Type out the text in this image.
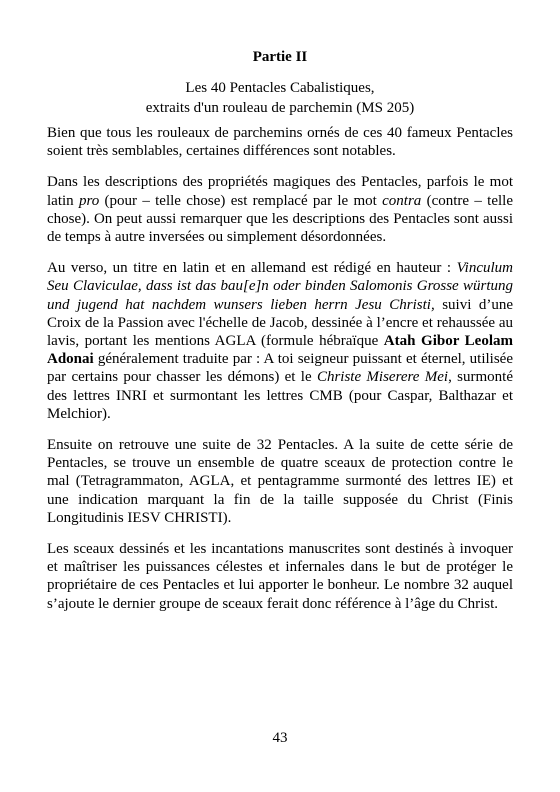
Partie II
Les 40 Pentacles Cabalistiques,
extraits d'un rouleau de parchemin (MS 205)

Bien que tous les rouleaux de parchemins ornés de ces 40 fameux Pentacles soient très semblables, certaines différences sont notables.

Dans les descriptions des propriétés magiques des Pentacles, parfois le mot latin pro (pour – telle chose) est remplacé par le mot contra (contre – telle chose). On peut aussi remarquer que les descriptions des Pentacles sont aussi de temps à autre inversées ou simplement désordonnées.

Au verso, un titre en latin et en allemand est rédigé en hauteur : Vinculum Seu Claviculae, dass ist das bau[e]n oder binden Salomonis Grosse würtung und jugend hat nachdem wunsers lieben herrn Jesu Christi, suivi d’une Croix de la Passion avec l'échelle de Jacob, dessinée à l’encre et rehaussée au lavis, portant les mentions AGLA (formule hébraïque Atah Gibor Leolam Adonai généralement traduite par : A toi seigneur puissant et éternel, utilisée par certains pour chasser les démons) et le Christe Miserere Mei, surmonté des lettres INRI et surmontant les lettres CMB (pour Caspar, Balthazar et Melchior).

Ensuite on retrouve une suite de 32 Pentacles. A la suite de cette série de Pentacles, se trouve un ensemble de quatre sceaux de protection contre le mal (Tetragrammaton, AGLA, et pentagramme surmonté des lettres IE) et une indication marquant la fin de la taille supposée du Christ (Finis Longitudinis IESV CHRISTI).

Les sceaux dessinés et les incantations manuscrites sont destinés à invoquer et maîtriser les puissances célestes et infernales dans le but de protéger le propriétaire de ces Pentacles et lui apporter le bonheur. Le nombre 32 auquel s’ajoute le dernier groupe de sceaux ferait donc référence à l’âge du Christ.

43
